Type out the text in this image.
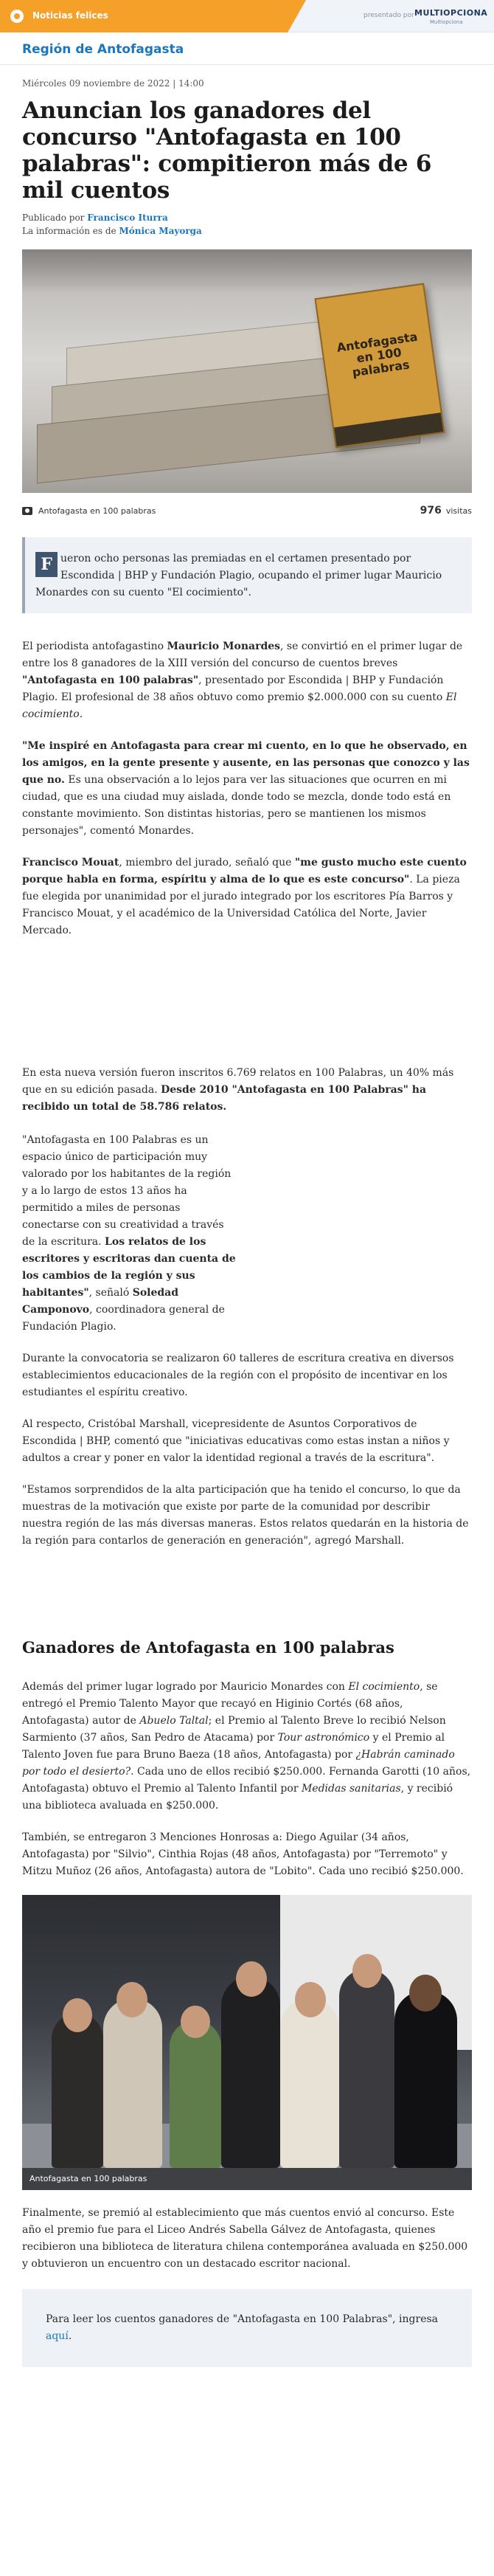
Noticias felices	presentado por MULTIOPCIONA
Multiopciona
Región de Antofagasta
Miércoles 09 noviembre de 2022 | 14:00
Anuncian los ganadores del concurso "Antofagasta en 100 palabras": compitieron más de 6 mil cuentos
Publicado por Francisco Iturra
La información es de Mónica Mayorga
Antofagasta en 100 palabras
Antofagasta en 100 palabras	976 visitas
F ueron ocho personas las premiadas en el certamen presentado por Escondida | BHP y Fundación Plagio, ocupando el primer lugar Mauricio Monardes con su cuento "El cocimiento".

El periodista antofagastino Mauricio Monardes, se convirtió en el primer lugar de entre los 8 ganadores de la XIII versión del concurso de cuentos breves "Antofagasta en 100 palabras", presentado por Escondida | BHP y Fundación Plagio. El profesional de 38 años obtuvo como premio $2.000.000 con su cuento El cocimiento.

"Me inspiré en Antofagasta para crear mi cuento, en lo que he observado, en los amigos, en la gente presente y ausente, en las personas que conozco y las que no. Es una observación a lo lejos para ver las situaciones que ocurren en mi ciudad, que es una ciudad muy aislada, donde todo se mezcla, donde todo está en constante movimiento. Son distintas historias, pero se mantienen los mismos personajes", comentó Monardes.

Francisco Mouat, miembro del jurado, señaló que "me gusto mucho este cuento porque habla en forma, espíritu y alma de lo que es este concurso". La pieza fue elegida por unanimidad por el jurado integrado por los escritores Pía Barros y Francisco Mouat, y el académico de la Universidad Católica del Norte, Javier Mercado.

En esta nueva versión fueron inscritos 6.769 relatos en 100 Palabras, un 40% más que en su edición pasada. Desde 2010 "Antofagasta en 100 Palabras" ha recibido un total de 58.786 relatos.

"Antofagasta en 100 Palabras es un espacio único de participación muy valorado por los habitantes de la región y a lo largo de estos 13 años ha permitido a miles de personas conectarse con su creatividad a través de la escritura. Los relatos de los escritores y escritoras dan cuenta de los cambios de la región y sus habitantes", señaló Soledad Camponovo, coordinadora general de Fundación Plagio.

Durante la convocatoria se realizaron 60 talleres de escritura creativa en diversos establecimientos educacionales de la región con el propósito de incentivar en los estudiantes el espíritu creativo.

Al respecto, Cristóbal Marshall, vicepresidente de Asuntos Corporativos de Escondida | BHP, comentó que "iniciativas educativas como estas instan a niños y adultos a crear y poner en valor la identidad regional a través de la escritura".

"Estamos sorprendidos de la alta participación que ha tenido el concurso, lo que da muestras de la motivación que existe por parte de la comunidad por describir nuestra región de las más diversas maneras. Estos relatos quedarán en la historia de la región para contarlos de generación en generación", agregó Marshall.

Ganadores de Antofagasta en 100 palabras

Además del primer lugar logrado por Mauricio Monardes con El cocimiento, se entregó el Premio Talento Mayor que recayó en Higinio Cortés (68 años, Antofagasta) autor de Abuelo Taltal; el Premio al Talento Breve lo recibió Nelson Sarmiento (37 años, San Pedro de Atacama) por Tour astronómico y el Premio al Talento Joven fue para Bruno Baeza (18 años, Antofagasta) por ¿Habrán caminado por todo el desierto?. Cada uno de ellos recibió $250.000. Fernanda Garotti (10 años, Antofagasta) obtuvo el Premio al Talento Infantil por Medidas sanitarias, y recibió una biblioteca avaluada en $250.000.

También, se entregaron 3 Menciones Honrosas a: Diego Aguilar (34 años, Antofagasta) por "Silvio", Cinthia Rojas (48 años, Antofagasta) por "Terremoto" y Mitzu Muñoz (26 años, Antofagasta) autora de "Lobito". Cada uno recibió $250.000.

Antofagasta en 100 palabras

Finalmente, se premió al establecimiento que más cuentos envió al concurso. Este año el premio fue para el Liceo Andrés Sabella Gálvez de Antofagasta, quienes recibieron una biblioteca de literatura chilena contemporánea avaluada en $250.000 y obtuvieron un encuentro con un destacado escritor nacional.

Para leer los cuentos ganadores de "Antofagasta en 100 Palabras", ingresa aquí.
